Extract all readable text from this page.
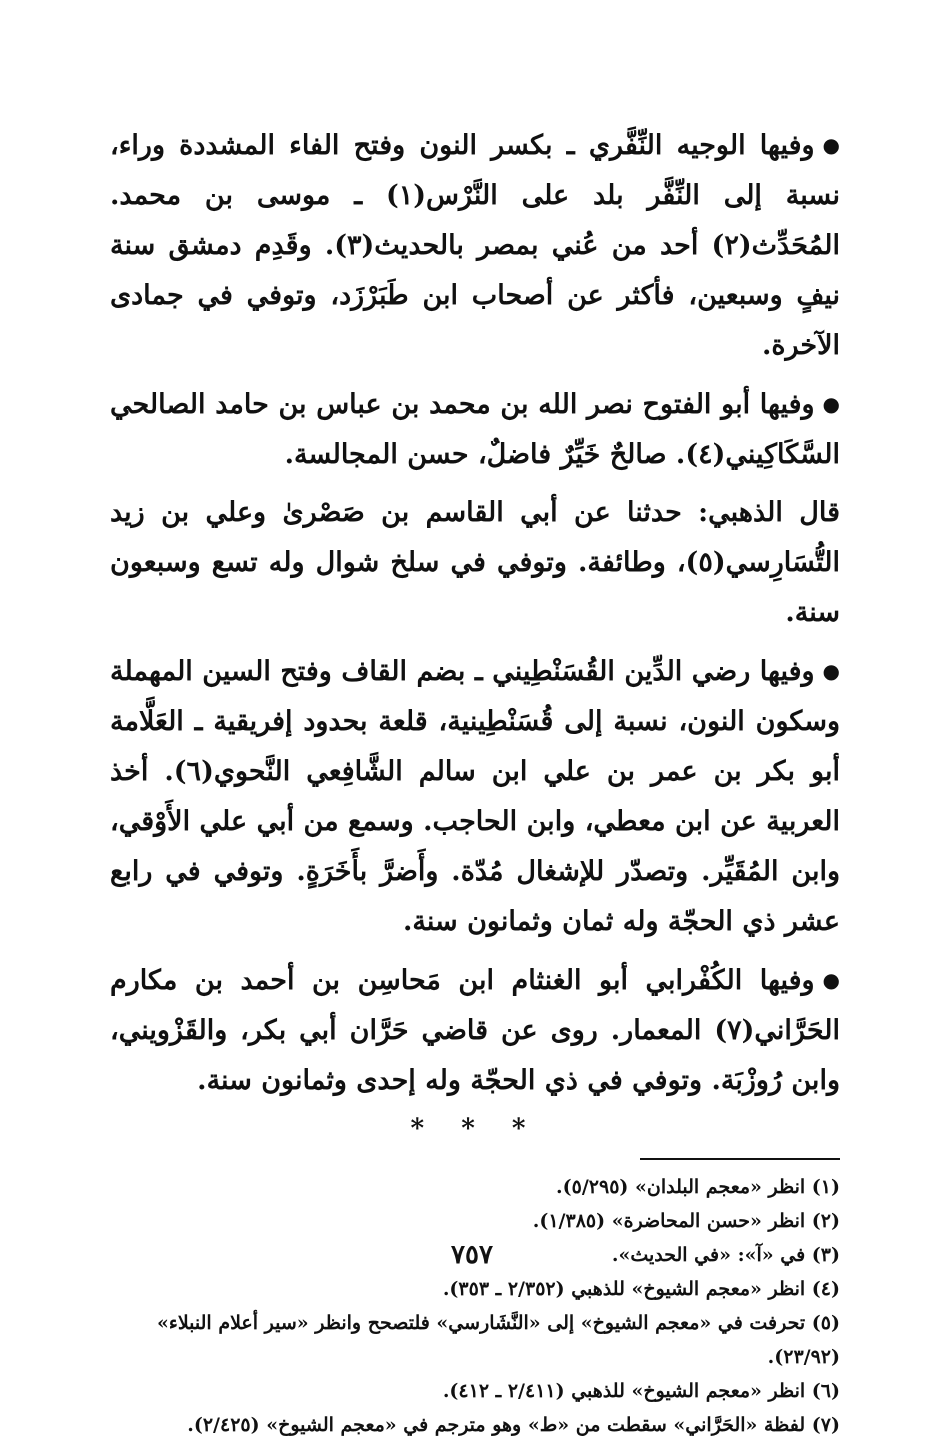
●وفيها الوجيه النِّفَّري ـ بكسر النون وفتح الفاء المشددة وراء، نسبة إلى النِّفَّر بلد على النَّرْس(١) ـ موسى بن محمد. المُحَدِّث(٢) أحد من عُني بمصر بالحديث(٣). وقَدِم دمشق سنة نيفٍ وسبعين، فأكثر عن أصحاب ابن طَبَرْزَد، وتوفي في جمادى الآخرة.

●وفيها أبو الفتوح نصر الله بن محمد بن عباس بن حامد الصالحي السَّكَاكِيني(٤). صالحٌ خَيِّرٌ فاضلٌ، حسن المجالسة.

قال الذهبي: حدثنا عن أبي القاسم بن صَصْرىٰ وعلي بن زيد التُّسَارِسي(٥)، وطائفة. وتوفي في سلخ شوال وله تسع وسبعون سنة.

●وفيها رضي الدِّين القُسَنْطِيني ـ بضم القاف وفتح السين المهملة وسكون النون، نسبة إلى قُسَنْطِينية، قلعة بحدود إفريقية ـ العَلَّامة أبو بكر بن عمر بن علي ابن سالم الشَّافِعي النَّحوي(٦). أخذ العربية عن ابن معطي، وابن الحاجب. وسمع من أبي علي الأَوْقي، وابن المُقَيِّر. وتصدّر للإشغال مُدّة. وأَضرَّ بأَخَرَةٍ. وتوفي في رابع عشر ذي الحجّة وله ثمان وثمانون سنة.

●وفيها الكُفْرابي أبو الغنثام ابن مَحاسِن بن أحمد بن مكارم الحَرَّاني(٧) المعمار. روى عن قاضي حَرَّان أبي بكر، والقَزْويني، وابن رُوزْبَة. وتوفي في ذي الحجّة وله إحدى وثمانون سنة.

* * *
(١) انظر «معجم البلدان» (٥/٢٩٥).
(٢) انظر «حسن المحاضرة» (١/٣٨٥).
(٣) في «آ»: «في الحديث».
(٤) انظر «معجم الشيوخ» للذهبي (٢/٣٥٢ ـ ٣٥٣).
(٥) تحرفت في «معجم الشيوخ» إلى «النَّشَارسي» فلتصحح وانظر «سير أعلام النبلاء» (٢٣/٩٢).
(٦) انظر «معجم الشيوخ» للذهبي (٢/٤١١ ـ ٤١٢).
(٧) لفظة «الحَرَّاني» سقطت من «ط» وهو مترجم في «معجم الشيوخ» (٢/٤٢٥).
٧٥٧
